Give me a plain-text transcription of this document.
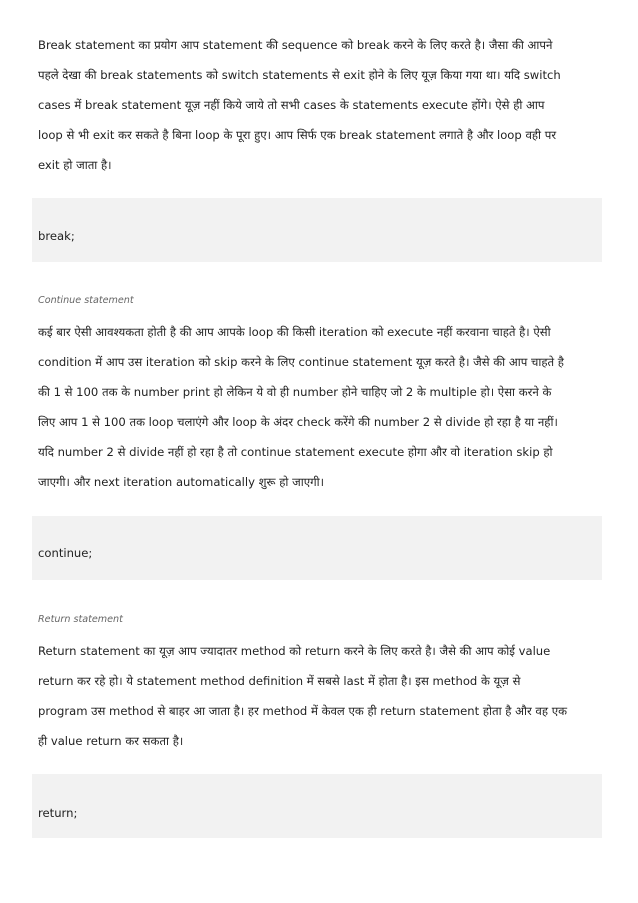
Break statement का प्रयोग आप statement की sequence को break करने के लिए करते है। जैसा की आपने
पहले देखा की break statements को switch statements से exit होने के लिए यूज़ किया गया था। यदि switch
cases में break statement यूज़ नहीं किये जाये तो सभी cases के statements execute होंगे। ऐसे ही आप
loop से भी exit कर सकते है बिना loop के पूरा हुए। आप सिर्फ एक break statement लगाते है और loop वही पर
exit हो जाता है।

break;

Continue statement

कई बार ऐसी आवश्यकता होती है की आप आपके loop की किसी iteration को execute नहीं करवाना चाहते है। ऐसी
condition में आप उस iteration को skip करने के लिए continue statement यूज़ करते है। जैसे की आप चाहते है
की 1 से 100 तक के number print हो लेकिन ये वो ही number होने चाहिए जो 2 के multiple हो। ऐसा करने के
लिए आप 1 से 100 तक loop चलाएंगे और loop के अंदर check करेंगे की number 2 से divide हो रहा है या नहीं।
यदि number 2 से divide नहीं हो रहा है तो continue statement execute होगा और वो iteration skip हो
जाएगी। और next iteration automatically शुरू हो जाएगी।

continue;

Return statement

Return statement का यूज़ आप ज्यादातर method को return करने के लिए करते है। जैसे की आप कोई value
return कर रहे हो। ये statement method definition में सबसे last में होता है। इस method के यूज़ से
program उस method से बाहर आ जाता है। हर method में केवल एक ही return statement होता है और वह एक
ही value return कर सकता है।

return;
